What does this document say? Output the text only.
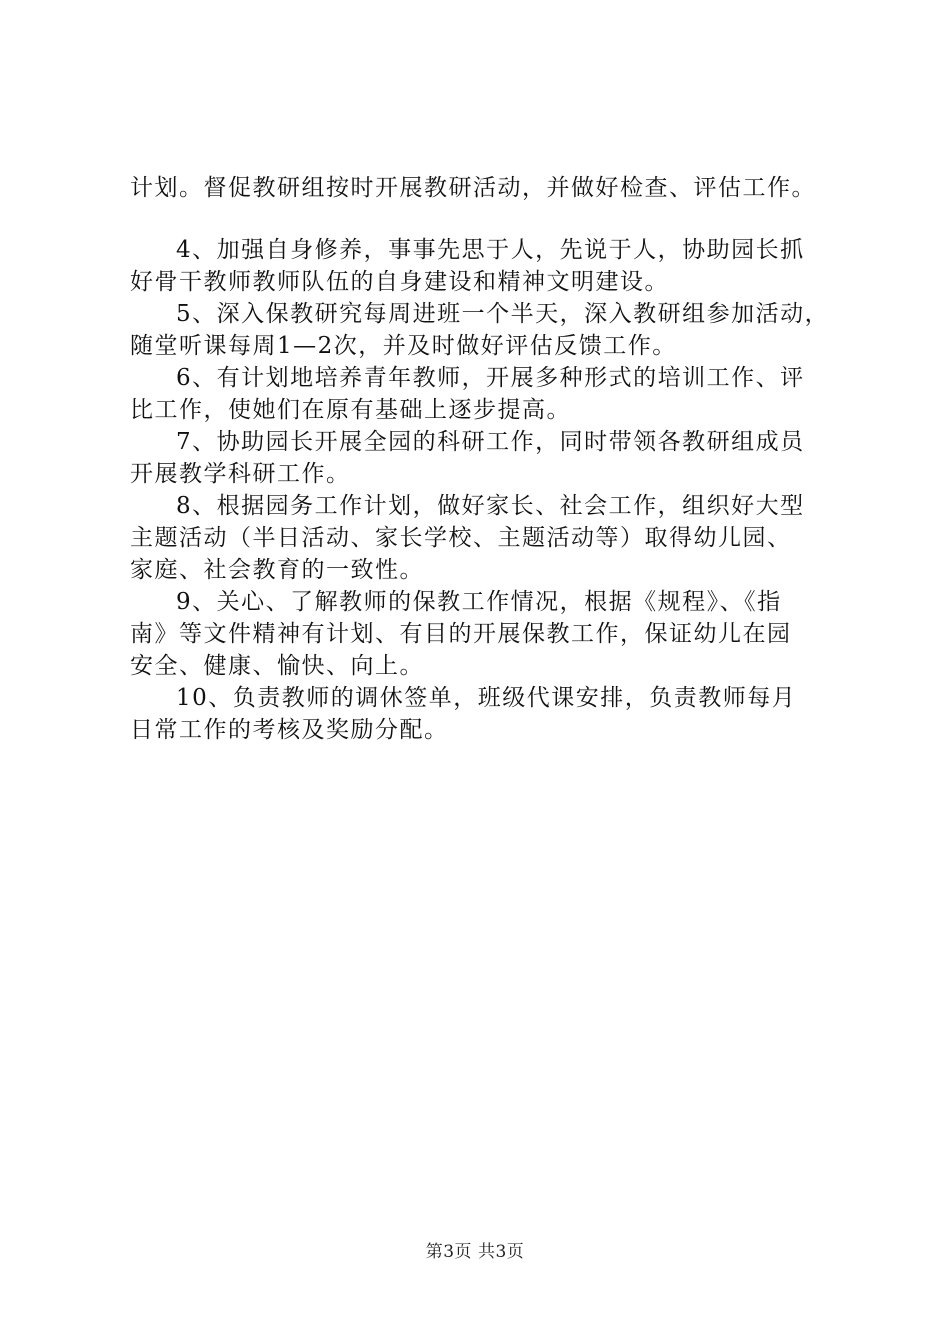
计划。督促教研组按时开展教研活动，并做好检查、评估工作。
4、加强自身修养，事事先思于人，先说于人，协助园长抓
好骨干教师教师队伍的自身建设和精神文明建设。
5、深入保教研究每周进班一个半天，深入教研组参加活动，
随堂听课每周1—2次，并及时做好评估反馈工作。
6、有计划地培养青年教师，开展多种形式的培训工作、评
比工作，使她们在原有基础上逐步提高。
7、协助园长开展全园的科研工作，同时带领各教研组成员
开展教学科研工作。
8、根据园务工作计划，做好家长、社会工作，组织好大型
主题活动（半日活动、家长学校、主题活动等）取得幼儿园、
家庭、社会教育的一致性。
9、关心、了解教师的保教工作情况，根据《规程》、《指
南》等文件精神有计划、有目的开展保教工作，保证幼儿在园
安全、健康、愉快、向上。
10、负责教师的调休签单，班级代课安排，负责教师每月
日常工作的考核及奖励分配。
第3页 共3页
